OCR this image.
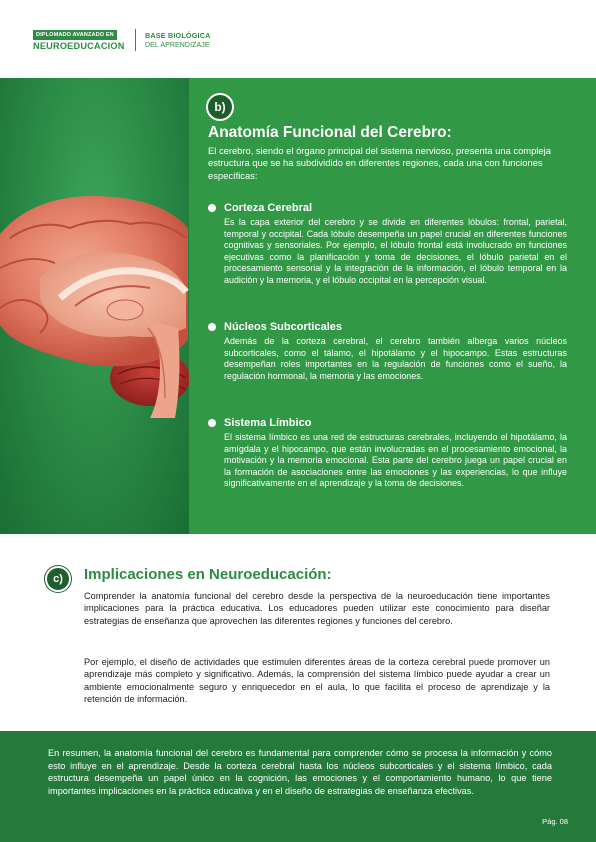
DIPLOMADO AVANZADO EN
NEUROEDUCACION
BASE BIOLÓGICA
DEL APRENDIZAJE
b)
Anatomía Funcional del Cerebro:
El cerebro, siendo el órgano principal del sistema nervioso, presenta una compleja estructura que se ha subdividido en diferentes regiones, cada una con funciones específicas:
Corteza Cerebral
Es la capa exterior del cerebro y se divide en diferentes lóbulos: frontal, parietal, temporal y occipital. Cada lóbulo desempeña un papel crucial en diferentes funciones cognitivas y sensoriales. Por ejemplo, el lóbulo frontal está involucrado en funciones ejecutivas como la planificación y toma de decisiones, el lóbulo parietal en el procesamiento sensorial y la integración de la información, el lóbulo temporal en la audición y la memoria, y el lóbulo occipital en la percepción visual.
Núcleos Subcorticales
Además de la corteza cerebral, el cerebro también alberga varios núcleos subcorticales, como el tálamo, el hipotálamo y el hipocampo. Estas estructuras desempeñan roles importantes en la regulación de funciones como el sueño, la regulación hormonal, la memoria y las emociones.
Sistema Límbico
El sistema límbico es una red de estructuras cerebrales, incluyendo el hipotálamo, la amígdala y el hipocampo, que están involucradas en el procesamiento emocional, la motivación y la memoria emocional. Esta parte del cerebro juega un papel crucial en la formación de asociaciones entre las emociones y las experiencias, lo que influye significativamente en el aprendizaje y la toma de decisiones.
c)	Implicaciones en Neuroeducación:
Comprender la anatomía funcional del cerebro desde la perspectiva de la neuroeducación tiene importantes implicaciones para la práctica educativa. Los educadores pueden utilizar este conocimiento para diseñar estrategias de enseñanza que aprovechen las diferentes regiones y funciones del cerebro.
Por ejemplo, el diseño de actividades que estimulen diferentes áreas de la corteza cerebral puede promover un aprendizaje más completo y significativo. Además, la comprensión del sistema límbico puede ayudar a crear un ambiente emocionalmente seguro y enriquecedor en el aula, lo que facilita el proceso de aprendizaje y la retención de información.
En resumen, la anatomía funcional del cerebro es fundamental para comprender cómo se procesa la información y cómo esto influye en el aprendizaje. Desde la corteza cerebral hasta los núcleos subcorticales y el sistema límbico, cada estructura desempeña un papel único en la cognición, las emociones y el comportamiento humano, lo que tiene importantes implicaciones en la práctica educativa y en el diseño de estrategias de enseñanza efectivas.
Pág. 08
